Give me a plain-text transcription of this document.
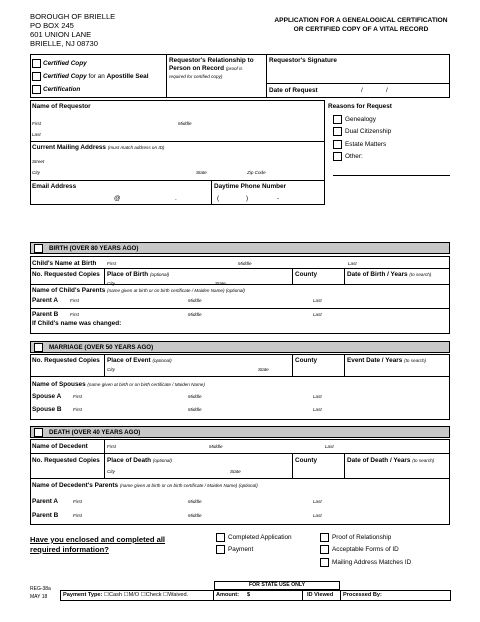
BOROUGH OF BRIELLE
PO BOX 245
601 UNION LANE
BRIELLE, NJ 08730
APPLICATION FOR A GENEALOGICAL CERTIFICATION
OR CERTIFIED COPY OF A VITAL RECORD
Certified Copy
Certified Copy for an Apostille Seal
Certification
Requestor's Relationship to
Person on Record (proof is
required for certified copy)
Requestor's Signature
Date of Request	/	/
Name of Requestor
First	Middle
Last
Current Mailing Address (must match address on ID)
Street
City	State	Zip Code
Email Address
@	.
Daytime Phone Number
(	)	-
Reasons for Request
Genealogy
Dual Citizenship
Estate Matters
Other:
BIRTH (OVER 80 YEARS AGO)
Child's Name at Birth First	Middle	Last
No. Requested Copies Place of Birth (optional)
City	State
County	Date of Birth / Years (to search)
Name of Child's Parents (name given at birth or on birth certificate / Maiden Name) (optional)
Parent A	First	Middle	Last
Parent B	First	Middle	Last
If Child's name was changed:
MARRIAGE (OVER 50 YEARS AGO)
No. Requested Copies Place of Event (optional)
City	State
County	Event Date / Years (to search)
Name of Spouses (name given at birth or on birth certificate / Maiden Name)
Spouse A	First	Middle	Last
Spouse B	First	Middle	Last
DEATH (OVER 40 YEARS AGO)
Name of Decedent	First	Middle	Last
No. Requested Copies Place of Death (optional)
City	State
County	Date of Death / Years (to search)
Name of Decedent's Parents (name given at birth or on birth certificate / Maiden Name) (optional)
Parent A	First	Middle	Last
Parent B	First	Middle	Last
Have you enclosed and completed all
required information?
Completed Application
Payment
Proof of Relationship
Acceptable Forms of ID
Mailing Address Matches ID
REG-38a
MAY 18
FOR STATE USE ONLY
Payment Type: ☐Cash ☐M/O ☐Check ☐Waived.	Amount: $	ID Viewed Processed By:
